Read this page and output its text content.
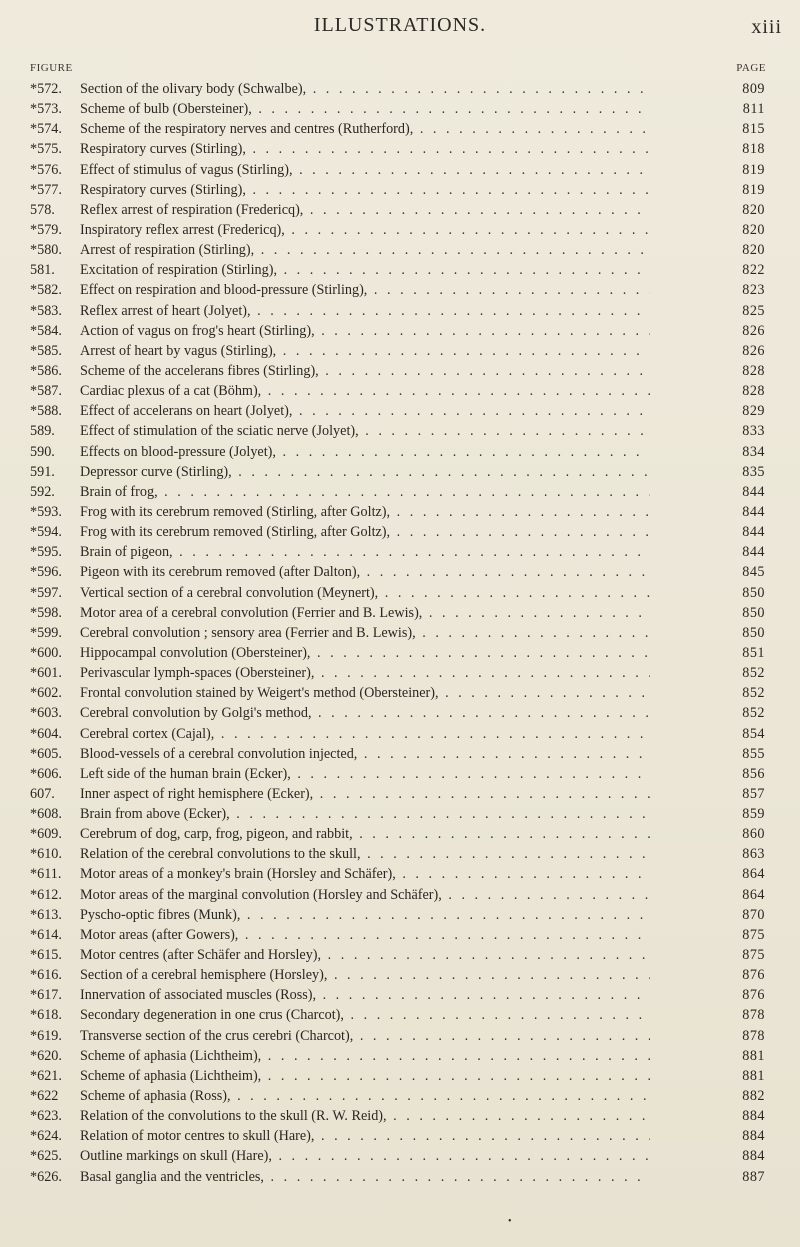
ILLUSTRATIONS.	xiii
FIGURE	PAGE
*572.	Section of the olivary body (Schwalbe), . .	809
*573.	Scheme of bulb (Obersteiner), . .	811
*574.	Scheme of the respiratory nerves and centres (Rutherford), . .	815
*575.	Respiratory curves (Stirling), . .	818
*576.	Effect of stimulus of vagus (Stirling), . .	819
*577.	Respiratory curves (Stirling), . .	819
578.	Reflex arrest of respiration (Fredericq), . .	820
*579.	Inspiratory reflex arrest (Fredericq), . .	820
*580.	Arrest of respiration (Stirling), . .	820
581.	Excitation of respiration (Stirling), . .	822
*582.	Effect on respiration and blood-pressure (Stirling), . .	823
*583.	Reflex arrest of heart (Jolyet), . .	825
*584.	Action of vagus on frog's heart (Stirling), . .	826
*585.	Arrest of heart by vagus (Stirling), . .	826
*586.	Scheme of the accelerans fibres (Stirling), . .	828
*587.	Cardiac plexus of a cat (Böhm), . .	828
*588.	Effect of accelerans on heart (Jolyet), . .	829
589.	Effect of stimulation of the sciatic nerve (Jolyet), . .	833
590.	Effects on blood-pressure (Jolyet), . .	834
591.	Depressor curve (Stirling), . .	835
592.	Brain of frog, . .	844
*593.	Frog with its cerebrum removed (Stirling, after Goltz), . .	844
*594.	Frog with its cerebrum removed (Stirling, after Goltz), . .	844
*595.	Brain of pigeon, . .	844
*596.	Pigeon with its cerebrum removed (after Dalton), . .	845
*597.	Vertical section of a cerebral convolution (Meynert), . .	850
*598.	Motor area of a cerebral convolution (Ferrier and B. Lewis), . .	850
*599.	Cerebral convolution ; sensory area (Ferrier and B. Lewis), . .	850
*600.	Hippocampal convolution (Obersteiner), . .	851
*601.	Perivascular lymph-spaces (Obersteiner), . .	852
*602.	Frontal convolution stained by Weigert's method (Obersteiner), . .	852
*603.	Cerebral convolution by Golgi's method, . .	852
*604.	Cerebral cortex (Cajal), . .	854
*605.	Blood-vessels of a cerebral convolution injected, . .	855
*606.	Left side of the human brain (Ecker), . .	856
607.	Inner aspect of right hemisphere (Ecker), . .	857
*608.	Brain from above (Ecker), . .	859
*609.	Cerebrum of dog, carp, frog, pigeon, and rabbit, . .	860
*610.	Relation of the cerebral convolutions to the skull, . .	863
*611.	Motor areas of a monkey's brain (Horsley and Schäfer), . .	864
*612.	Motor areas of the marginal convolution (Horsley and Schäfer), . .	864
*613.	Pyscho-optic fibres (Munk), . .	870
*614.	Motor areas (after Gowers), . .	875
*615.	Motor centres (after Schäfer and Horsley), . .	875
*616.	Section of a cerebral hemisphere (Horsley), . .	876
*617.	Innervation of associated muscles (Ross), . .	876
*618.	Secondary degeneration in one crus (Charcot), . .	878
*619.	Transverse section of the crus cerebri (Charcot), . .	878
*620.	Scheme of aphasia (Lichtheim), . .	881
*621.	Scheme of aphasia (Lichtheim), . .	881
*622	Scheme of aphasia (Ross), . .	882
*623.	Relation of the convolutions to the skull (R. W. Reid), . .	884
*624.	Relation of motor centres to skull (Hare), . .	884
*625.	Outline markings on skull (Hare), . .	884
*626.	Basal ganglia and the ventricles, . .	887
•
